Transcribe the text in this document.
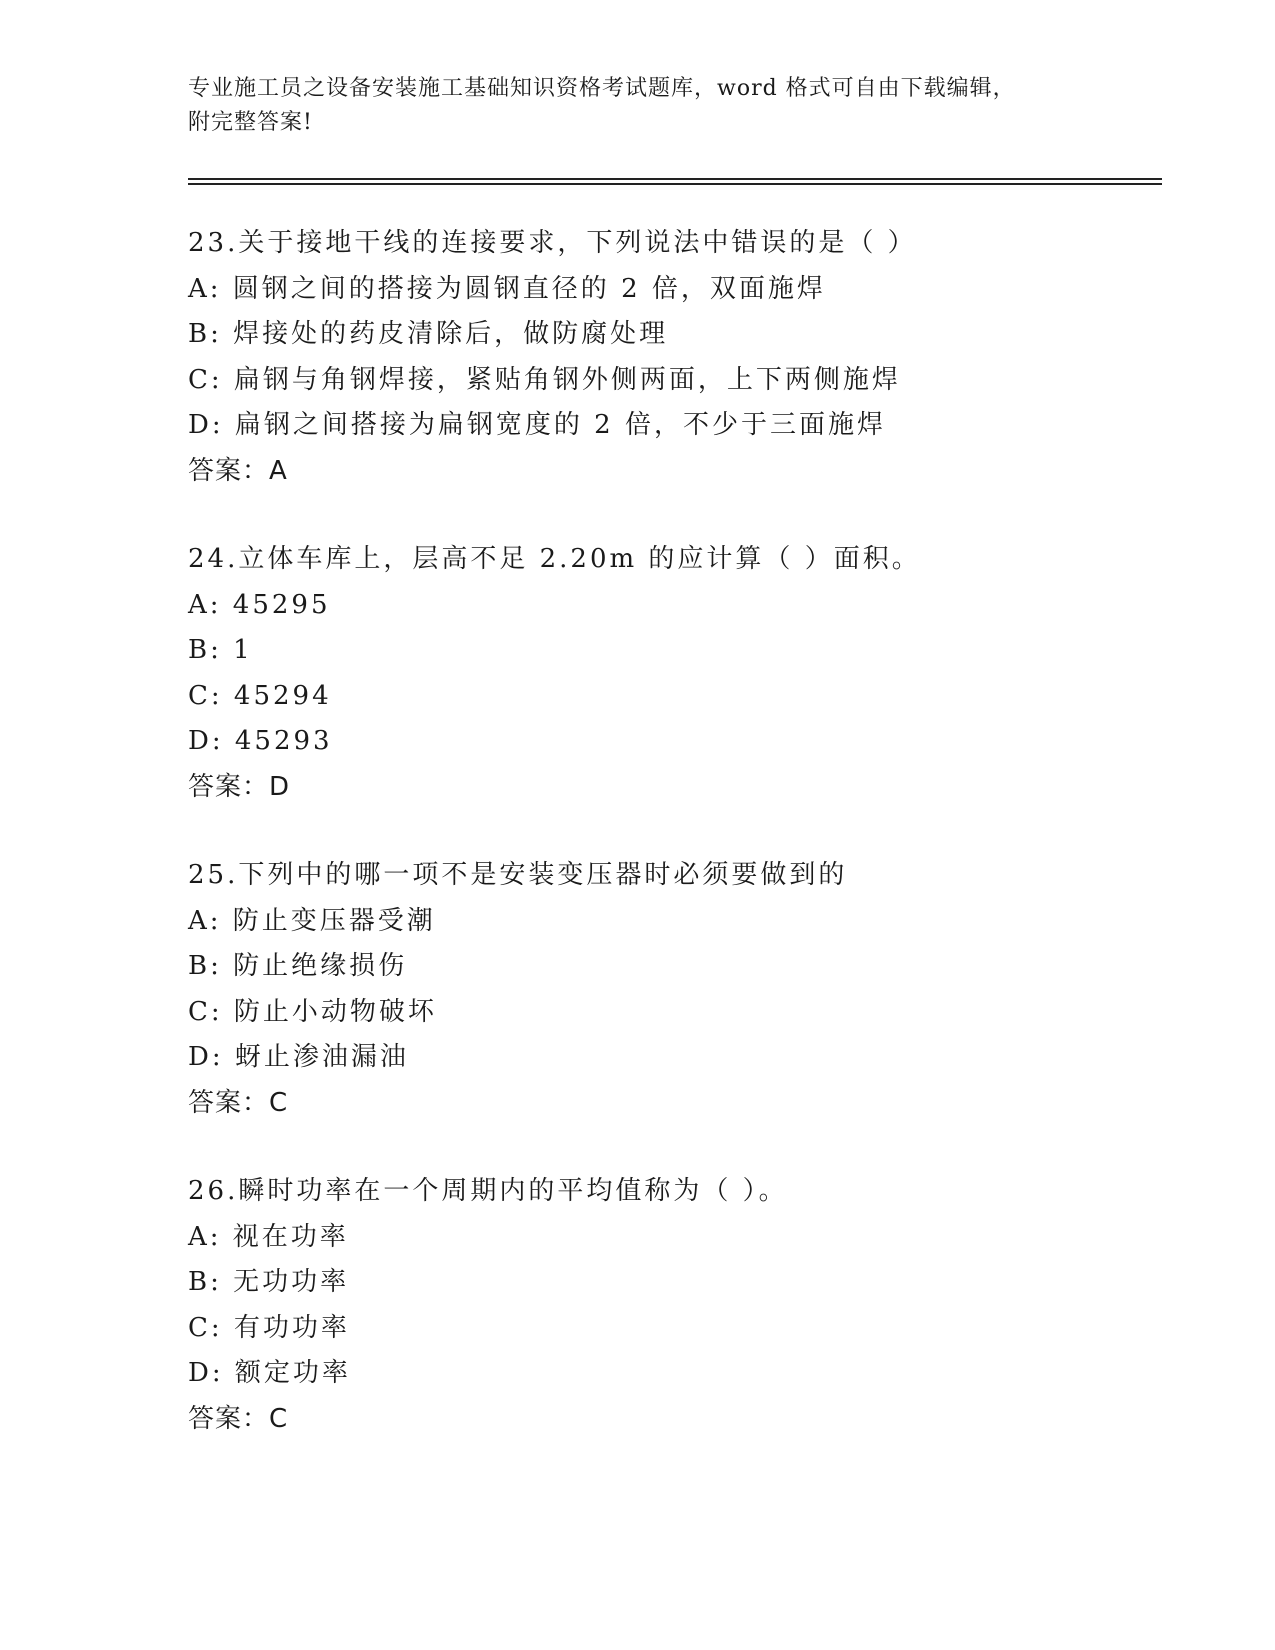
专业施工员之设备安装施工基础知识资格考试题库，word 格式可自由下载编辑，

附完整答案!

23.关于接地干线的连接要求，下列说法中错误的是（ ）
A: 圆钢之间的搭接为圆钢直径的 2 倍，双面施焊
B: 焊接处的药皮清除后，做防腐处理
C: 扁钢与角钢焊接，紧贴角钢外侧两面，上下两侧施焊
D: 扁钢之间搭接为扁钢宽度的 2 倍，不少于三面施焊
答案：A
24.立体车库上，层高不足 2.20m 的应计算（ ）面积。
A: 45295
B: 1
C: 45294
D: 45293
答案：D
25.下列中的哪一项不是安装变压器时必须要做到的
A: 防止变压器受潮
B: 防止绝缘损伤
C: 防止小动物破坏
D: 蚜止渗油漏油
答案：C
26.瞬时功率在一个周期内的平均值称为（ ）。
A: 视在功率
B: 无功功率
C: 有功功率
D: 额定功率
答案：C
